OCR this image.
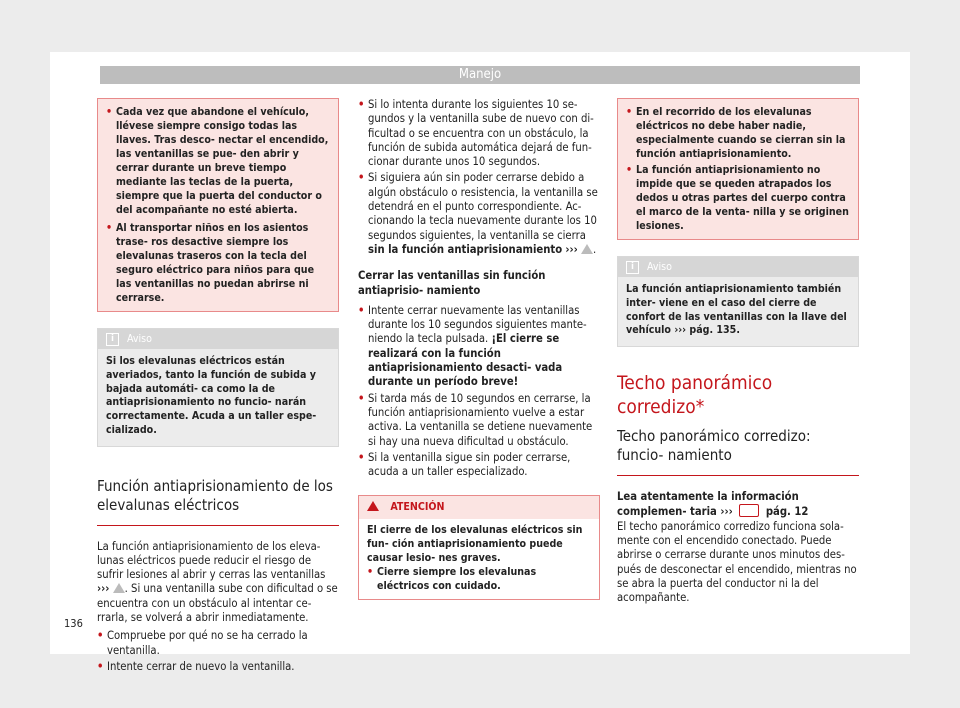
Manejo

• Cada vez que abandone el vehículo, llévese siempre consigo todas las llaves. Tras desco- nectar el encendido, las ventanillas se pue- den abrir y cerrar durante un breve tiempo mediante las teclas de la puerta, siempre que la puerta del conductor o del acompañante no esté abierta.

• Al transportar niños en los asientos trase- ros desactive siempre los elevalunas traseros con la tecla del seguro eléctrico para niños para que las ventanillas no puedan abrirse ni cerrarse.

i	Aviso
Si los elevalunas eléctricos están averiados, tanto la función de subida y bajada automáti- ca como la de antiaprisionamiento no funcio- narán correctamente. Acuda a un taller espe- cializado.
Función antiaprisionamiento de los elevalunas eléctricos

La función antiaprisionamiento de los eleva- lunas eléctricos puede reducir el riesgo de sufrir lesiones al abrir y cerras las ventanillas ››› . Si una ventanilla sube con dificultad o se encuentra con un obstáculo al intentar ce- rrarla, se volverá a abrir inmediatamente.

• Compruebe por qué no se ha cerrado la ventanilla.

• Intente cerrar de nuevo la ventanilla.

• Si lo intenta durante los siguientes 10 se- gundos y la ventanilla sube de nuevo con di- ficultad o se encuentra con un obstáculo, la función de subida automática dejará de fun- cionar durante unos 10 segundos.

• Si siguiera aún sin poder cerrarse debido a algún obstáculo o resistencia, la ventanilla se detendrá en el punto correspondiente. Ac- cionando la tecla nuevamente durante los 10 segundos siguientes, la ventanilla se cierra sin la función antiaprisionamiento ››› .

Cerrar las ventanillas sin función antiaprisio- namiento

• Intente cerrar nuevamente las ventanillas durante los 10 segundos siguientes mante- niendo la tecla pulsada. ¡El cierre se realizará con la función antiaprisionamiento desacti- vada durante un período breve!

• Si tarda más de 10 segundos en cerrarse, la función antiaprisionamiento vuelve a estar activa. La ventanilla se detiene nuevamente si hay una nueva dificultad u obstáculo.

• Si la ventanilla sigue sin poder cerrarse, acuda a un taller especializado.

ATENCIÓN

El cierre de los elevalunas eléctricos sin fun- ción antiaprisionamiento puede causar lesio- nes graves.

• Cierre siempre los elevalunas eléctricos con cuidado.

• En el recorrido de los elevalunas eléctricos no debe haber nadie, especialmente cuando se cierran sin la función antiaprisionamiento.

• La función antiaprisionamiento no impide que se queden atrapados los dedos u otras partes del cuerpo contra el marco de la venta- nilla y se originen lesiones.

i	Aviso
La función antiaprisionamiento también inter- viene en el caso del cierre de confort de las ventanillas con la llave del vehículo ››› pág. 135.
Techo panorámico corredizo*
Techo panorámico corredizo: funcio- namiento

Lea atentamente la información complemen- taria ›››	pág. 12

El techo panorámico corredizo funciona sola- mente con el encendido conectado. Puede abrirse o cerrarse durante unos minutos des- pués de desconectar el encendido, mientras no se abra la puerta del conductor ni la del acompañante.

136
